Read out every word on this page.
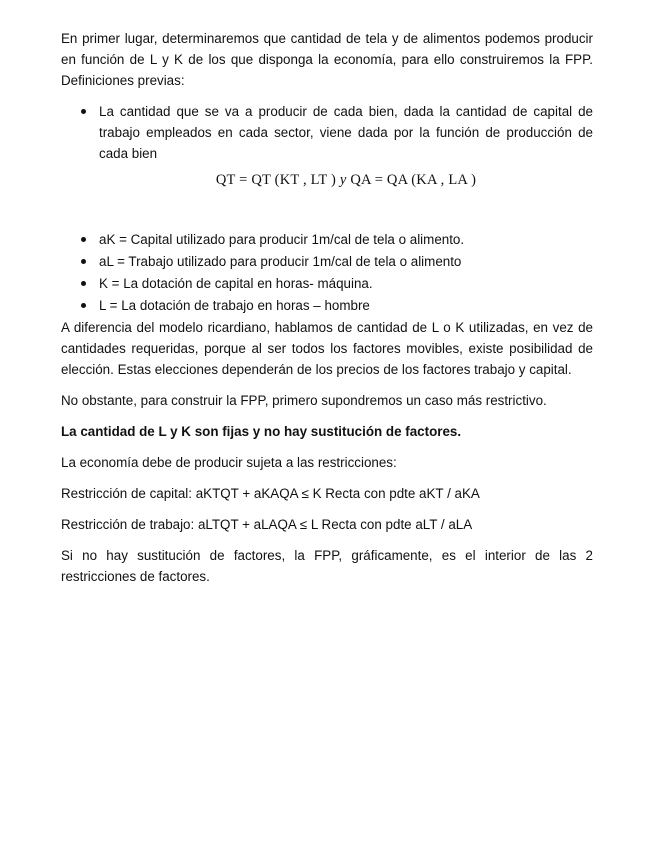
En primer lugar, determinaremos que cantidad de tela y de alimentos podemos producir en función de L y K de los que disponga la economía, para ello construiremos la FPP. Definiciones previas:

La cantidad que se va a producir de cada bien, dada la cantidad de capital de trabajo empleados en cada sector, viene dada por la función de producción de cada bien
QT = QT (KT , LT ) y QA = QA (KA , LA )
aK = Capital utilizado para producir 1m/cal de tela o alimento.
aL = Trabajo utilizado para producir 1m/cal de tela o alimento
K = La dotación de capital en horas- máquina.
L = La dotación de trabajo en horas – hombre

A diferencia del modelo ricardiano, hablamos de cantidad de L o K utilizadas, en vez de cantidades requeridas, porque al ser todos los factores movibles, existe posibilidad de elección. Estas elecciones dependerán de los precios de los factores trabajo y capital.

No obstante, para construir la FPP, primero supondremos un caso más restrictivo.

La cantidad de L y K son fijas y no hay sustitución de factores.

La economía debe de producir sujeta a las restricciones:

Restricción de capital: aKTQT + aKAQA ≤ K Recta con pdte aKT / aKA

Restricción de trabajo: aLTQT + aLAQA ≤ L Recta con pdte aLT / aLA

Si no hay sustitución de factores, la FPP, gráficamente, es el interior de las 2 restricciones de factores.
